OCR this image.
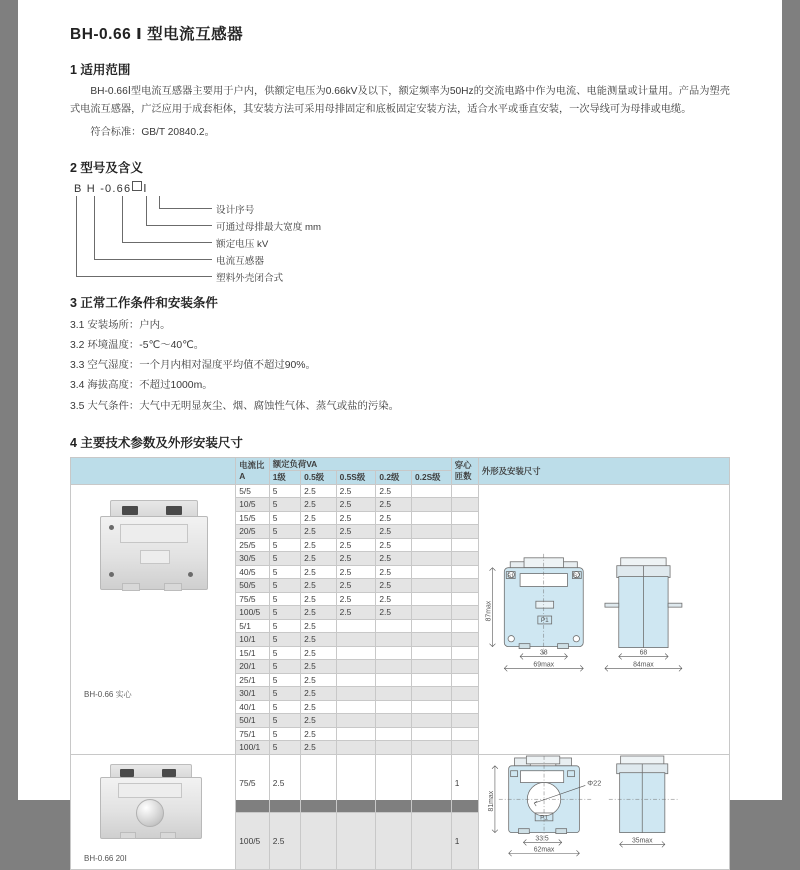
BH-0.66 Ⅰ 型电流互感器
1 适用范围

BH-0.66Ⅰ型电流互感器主要用于户内，供额定电压为0.66kV及以下，额定频率为50Hz的交流电路中作为电流、电能测量或计量用。产品为塑壳式电流互感器，广泛应用于成套柜体，其安装方法可采用母排固定和底板固定安装方法，适合水平或垂直安装，一次导线可为母排或电缆。

符合标准：GB/T 20840.2。

2 型号及含义
B H -0.66 Ⅰ
设计序号
可通过母排最大宽度 mm
额定电压 kV
电流互感器
塑料外壳闭合式
3 正常工作条件和安装条件

3.1 安装场所：户内。

3.2 环境温度：-5℃～40℃。

3.3 空气湿度：一个月内相对湿度平均值不超过90%。

3.4 海拔高度：不超过1000m。

3.5 大气条件：大气中无明显灰尘、烟、腐蚀性气体、蒸气或盐的污染。

4 主要技术参数及外形安装尺寸
	电流比A	额定负荷VA					穿心
匝数	外形及安装尺寸
		1级	0.5级	0.5S级	0.2级	0.2S级		

BH-0.66 实心
	5/5	5	2.5	2.5	2.5			
87max
38
69max
68
84max
S1	S2
P1

	10/5	5	2.5	2.5	2.5			
	15/5	5	2.5	2.5	2.5			
	20/5	5	2.5	2.5	2.5			
	25/5	5	2.5	2.5	2.5			
	30/5	5	2.5	2.5	2.5			
	40/5	5	2.5	2.5	2.5			
	50/5	5	2.5	2.5	2.5			
	75/5	5	2.5	2.5	2.5			
	100/5	5	2.5	2.5	2.5			
	5/1	5	2.5					
	10/1	5	2.5					
	15/1	5	2.5					
	20/1	5	2.5					
	25/1	5	2.5					
	30/1	5	2.5					
	40/1	5	2.5					
	50/1	5	2.5					
	75/1	5	2.5					
	100/1	5	2.5					

BH-0.66 20Ⅰ
	75/5	2.5					1	
81max
Φ22
33.5
62max
35max
P1

	100/5	2.5					1	
